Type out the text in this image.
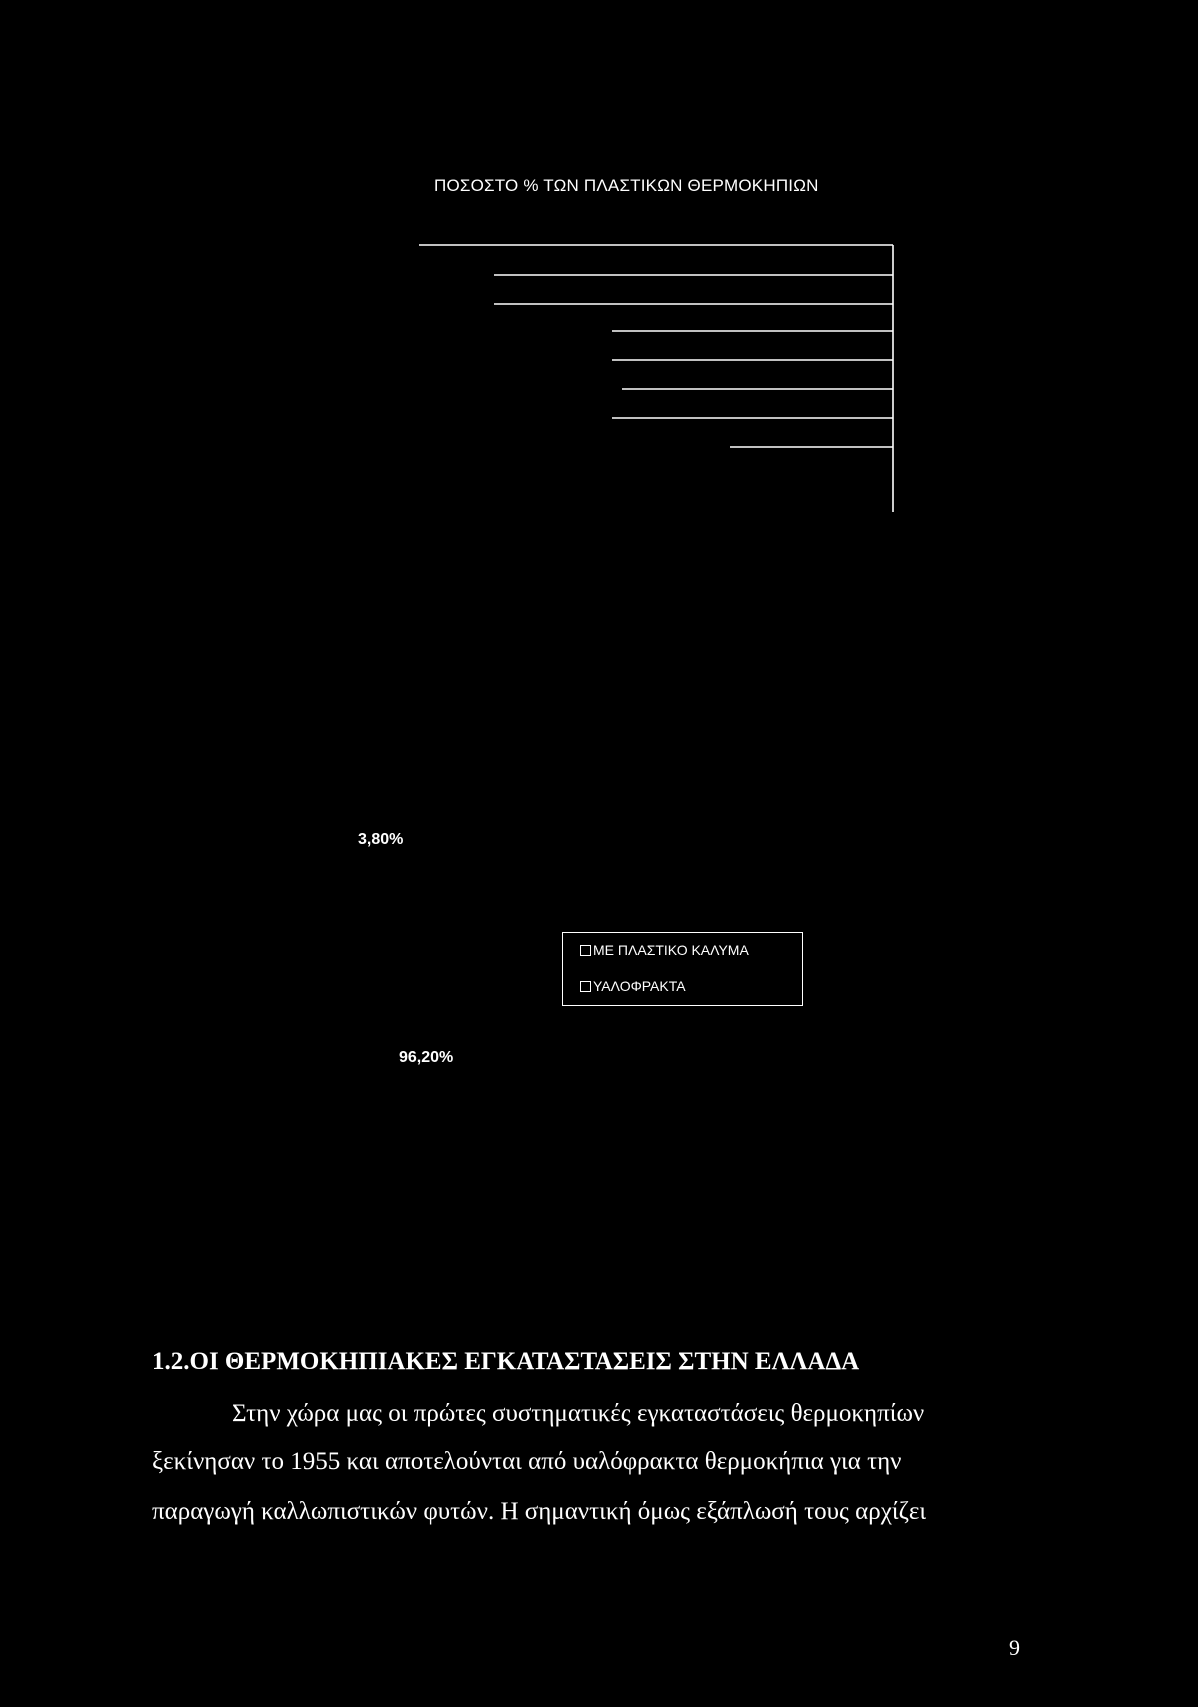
ΠΟΣΟΣΤΟ % ΤΩΝ ΠΛΑΣΤΙΚΩΝ ΘΕΡΜΟΚΗΠΙΩΝ
3,80%
96,20%
ΜΕ ΠΛΑΣΤΙΚΟ ΚΑΛΥΜΑ
ΥΑΛΟΦΡΑΚΤΑ
1.2.ΟΙ ΘΕΡΜΟΚΗΠΙΑΚΕΣ ΕΓΚΑΤΑΣΤΑΣΕΙΣ ΣΤΗΝ ΕΛΛΑΔΑ
Στην χώρα μας οι πρώτες συστηματικές εγκαταστάσεις θερμοκηπίων
ξεκίνησαν το 1955 και αποτελούνται από υαλόφρακτα θερμοκήπια για την
παραγωγή καλλωπιστικών φυτών. Η σημαντική όμως εξάπλωσή τους αρχίζει
9
